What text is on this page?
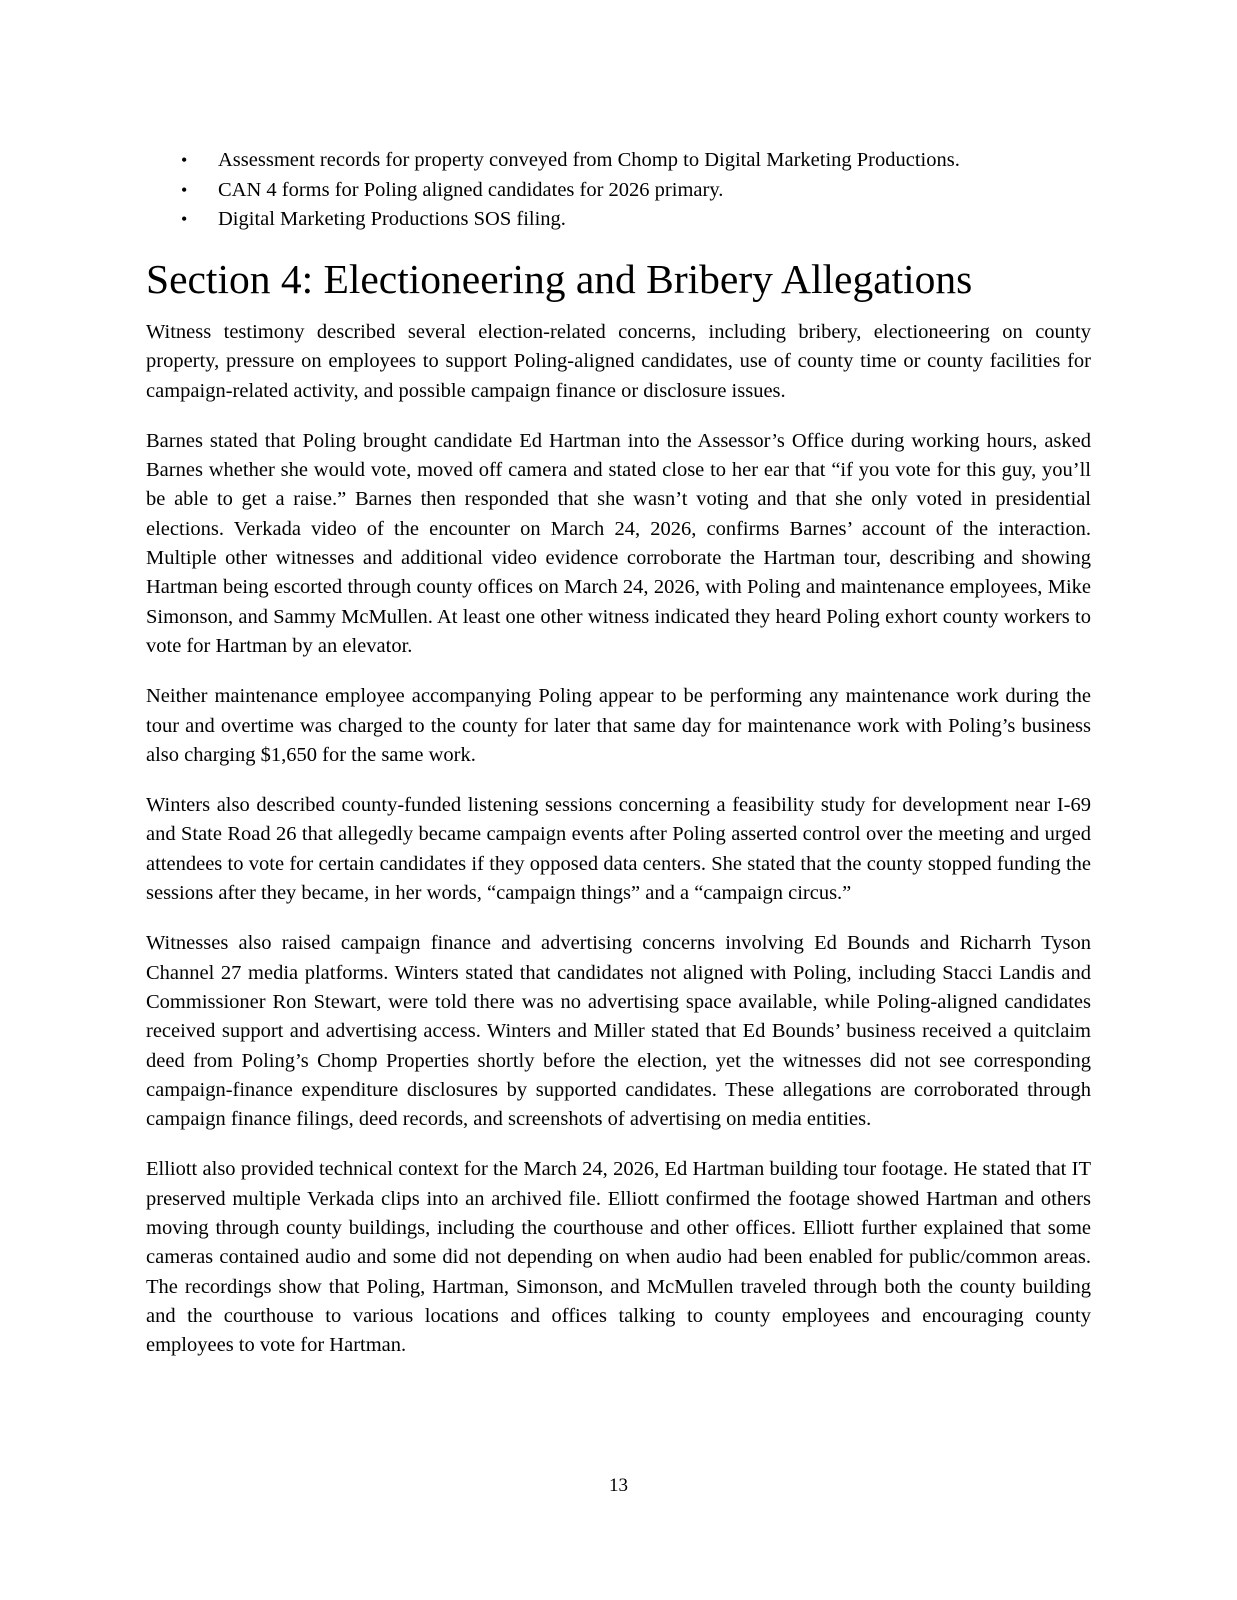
• Assessment records for property conveyed from Chomp to Digital Marketing Productions.
• CAN 4 forms for Poling aligned candidates for 2026 primary.
• Digital Marketing Productions SOS filing.
Section 4: Electioneering and Bribery Allegations

Witness testimony described several election-related concerns, including bribery, electioneering on county property, pressure on employees to support Poling-aligned candidates, use of county time or county facilities for campaign-related activity, and possible campaign finance or disclosure issues.

Barnes stated that Poling brought candidate Ed Hartman into the Assessor’s Office during working hours, asked Barnes whether she would vote, moved off camera and stated close to her ear that “if you vote for this guy, you’ll be able to get a raise.” Barnes then responded that she wasn’t voting and that she only voted in presidential elections. Verkada video of the encounter on March 24, 2026, confirms Barnes’ account of the interaction. Multiple other witnesses and additional video evidence corroborate the Hartman tour, describing and showing Hartman being escorted through county offices on March 24, 2026, with Poling and maintenance employees, Mike Simonson, and Sammy McMullen. At least one other witness indicated they heard Poling exhort county workers to vote for Hartman by an elevator.

Neither maintenance employee accompanying Poling appear to be performing any maintenance work during the tour and overtime was charged to the county for later that same day for maintenance work with Poling’s business also charging $1,650 for the same work.

Winters also described county-funded listening sessions concerning a feasibility study for development near I-69 and State Road 26 that allegedly became campaign events after Poling asserted control over the meeting and urged attendees to vote for certain candidates if they opposed data centers. She stated that the county stopped funding the sessions after they became, in her words, “campaign things” and a “campaign circus.”

Witnesses also raised campaign finance and advertising concerns involving Ed Bounds and Richarrh Tyson Channel 27 media platforms. Winters stated that candidates not aligned with Poling, including Stacci Landis and Commissioner Ron Stewart, were told there was no advertising space available, while Poling-aligned candidates received support and advertising access. Winters and Miller stated that Ed Bounds’ business received a quitclaim deed from Poling’s Chomp Properties shortly before the election, yet the witnesses did not see corresponding campaign-finance expenditure disclosures by supported candidates. These allegations are corroborated through campaign finance filings, deed records, and screenshots of advertising on media entities.

Elliott also provided technical context for the March 24, 2026, Ed Hartman building tour footage. He stated that IT preserved multiple Verkada clips into an archived file. Elliott confirmed the footage showed Hartman and others moving through county buildings, including the courthouse and other offices. Elliott further explained that some cameras contained audio and some did not depending on when audio had been enabled for public/common areas. The recordings show that Poling, Hartman, Simonson, and McMullen traveled through both the county building and the courthouse to various locations and offices talking to county employees and encouraging county employees to vote for Hartman.

13
